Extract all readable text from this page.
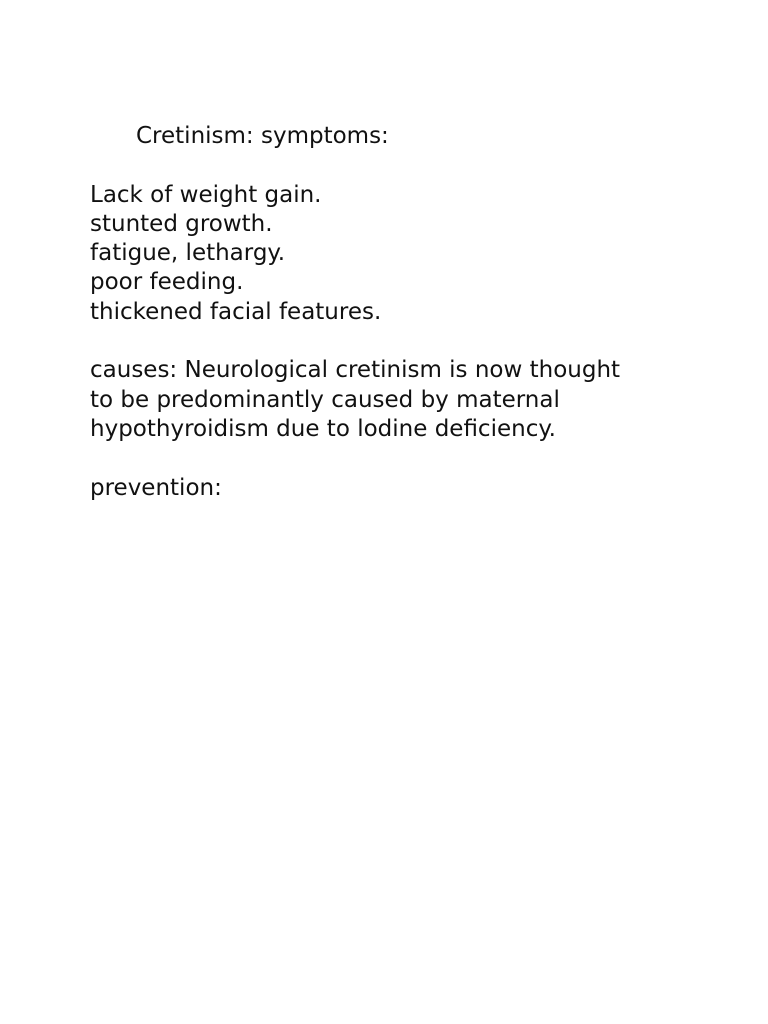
Cretinism: symptoms:
Lack of weight gain.
stunted growth.
fatigue, lethargy.
poor feeding.
thickened facial features.
causes: Neurological cretinism is now thought
to be predominantly caused by maternal
hypothyroidism due to lodine deficiency.
prevention:
